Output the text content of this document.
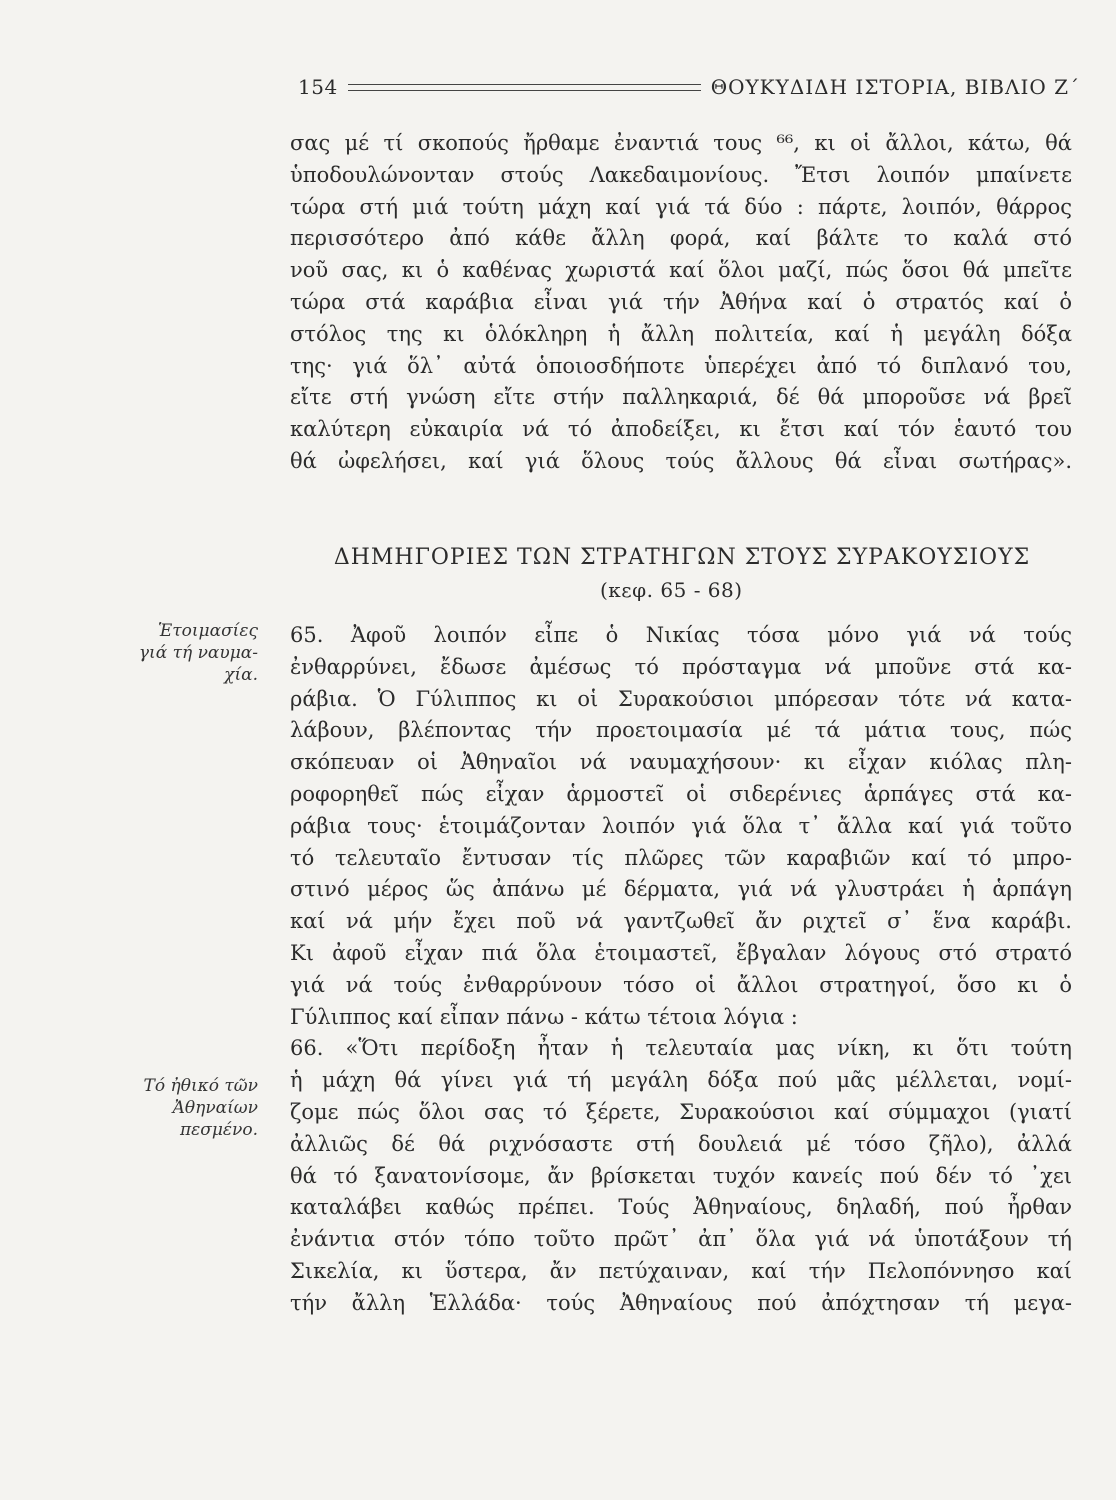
154	ΘΟΥΚΥΔΙΔΗ ΙΣΤΟΡΙΑ, ΒΙΒΛΙΟ Ζ΄
σας μέ τί σκοπούς ἤρθαμε ἐναντιά τους ⁶⁶, κι οἱ ἄλλοι, κάτω, θά
ὑποδουλώνονταν στούς Λακεδαιμονίους. Ἔτσι λοιπόν μπαίνετε
τώρα στή μιά τούτη μάχη καί γιά τά δύο : πάρτε, λοιπόν, θάρρος
περισσότερο ἀπό κάθε ἄλλη φορά, καί βάλτε το καλά στό
νοῦ σας, κι ὁ καθένας χωριστά καί ὅλοι μαζί, πώς ὅσοι θά μπεῖτε
τώρα στά καράβια εἶναι γιά τήν Ἀθήνα καί ὁ στρατός καί ὁ
στόλος της κι ὁλόκληρη ἡ ἄλλη πολιτεία, καί ἡ μεγάλη δόξα
της· γιά ὅλ᾽ αὐτά ὁποιοσδήποτε ὑπερέχει ἀπό τό διπλανό του,
εἴτε στή γνώση εἴτε στήν παλληκαριά, δέ θά μποροῦσε νά βρεῖ
καλύτερη εὐκαιρία νά τό ἀποδείξει, κι ἔτσι καί τόν ἑαυτό του
θά ὠφελήσει, καί γιά ὅλους τούς ἄλλους θά εἶναι σωτήρας».
ΔΗΜΗΓΟΡΙΕΣ ΤΩΝ ΣΤΡΑΤΗΓΩΝ ΣΤΟΥΣ ΣΥΡΑΚΟΥΣΙΟΥΣ
(κεφ. 65 - 68)
Ἑτοιμασίες
γιά τή ναυμα-
χία.
65. Ἀφοῦ λοιπόν εἶπε ὁ Νικίας τόσα μόνο γιά νά τούς
ἐνθαρρύνει, ἔδωσε ἀμέσως τό πρόσταγμα νά μποῦνε στά κα-
ράβια. Ὁ Γύλιππος κι οἱ Συρακούσιοι μπόρεσαν τότε νά κατα-
λάβουν, βλέποντας τήν προετοιμασία μέ τά μάτια τους, πώς
σκόπευαν οἱ Ἀθηναῖοι νά ναυμαχήσουν· κι εἶχαν κιόλας πλη-
ροφορηθεῖ πώς εἶχαν ἁρμοστεῖ οἱ σιδερένιες ἁρπάγες στά κα-
ράβια τους· ἑτοιμάζονταν λοιπόν γιά ὅλα τ᾽ ἄλλα καί γιά τοῦτο
τό τελευταῖο ἔντυσαν τίς πλῶρες τῶν καραβιῶν καί τό μπρο-
στινό μέρος ὥς ἀπάνω μέ δέρματα, γιά νά γλυστράει ἡ ἁρπάγη
καί νά μήν ἔχει ποῦ νά γαντζωθεῖ ἄν ριχτεῖ σ᾽ ἕνα καράβι.
Κι ἀφοῦ εἶχαν πιά ὅλα ἑτοιμαστεῖ, ἔβγαλαν λόγους στό στρατό
γιά νά τούς ἐνθαρρύνουν τόσο οἱ ἄλλοι στρατηγοί, ὅσο κι ὁ
Γύλιππος καί εἶπαν πάνω - κάτω τέτοια λόγια :
66. «Ὅτι περίδοξη ἦταν ἡ τελευταία μας νίκη, κι ὅτι τούτη
ἡ μάχη θά γίνει γιά τή μεγάλη δόξα πού μᾶς μέλλεται, νομί-
ζομε πώς ὅλοι σας τό ξέρετε, Συρακούσιοι καί σύμμαχοι (γιατί
ἀλλιῶς δέ θά ριχνόσαστε στή δουλειά μέ τόσο ζῆλο), ἀλλά
θά τό ξανατονίσομε, ἄν βρίσκεται τυχόν κανείς πού δέν τό ᾽χει
καταλάβει καθώς πρέπει. Τούς Ἀθηναίους, δηλαδή, πού ἦρθαν
ἐνάντια στόν τόπο τοῦτο πρῶτ᾽ ἀπ᾽ ὅλα γιά νά ὑποτάξουν τή
Σικελία, κι ὕστερα, ἄν πετύχαιναν, καί τήν Πελοπόννησο καί
τήν ἄλλη Ἑλλάδα· τούς Ἀθηναίους πού ἀπόχτησαν τή μεγα-
Τό ἠθικό τῶν
Ἀθηναίων
πεσμένο.
